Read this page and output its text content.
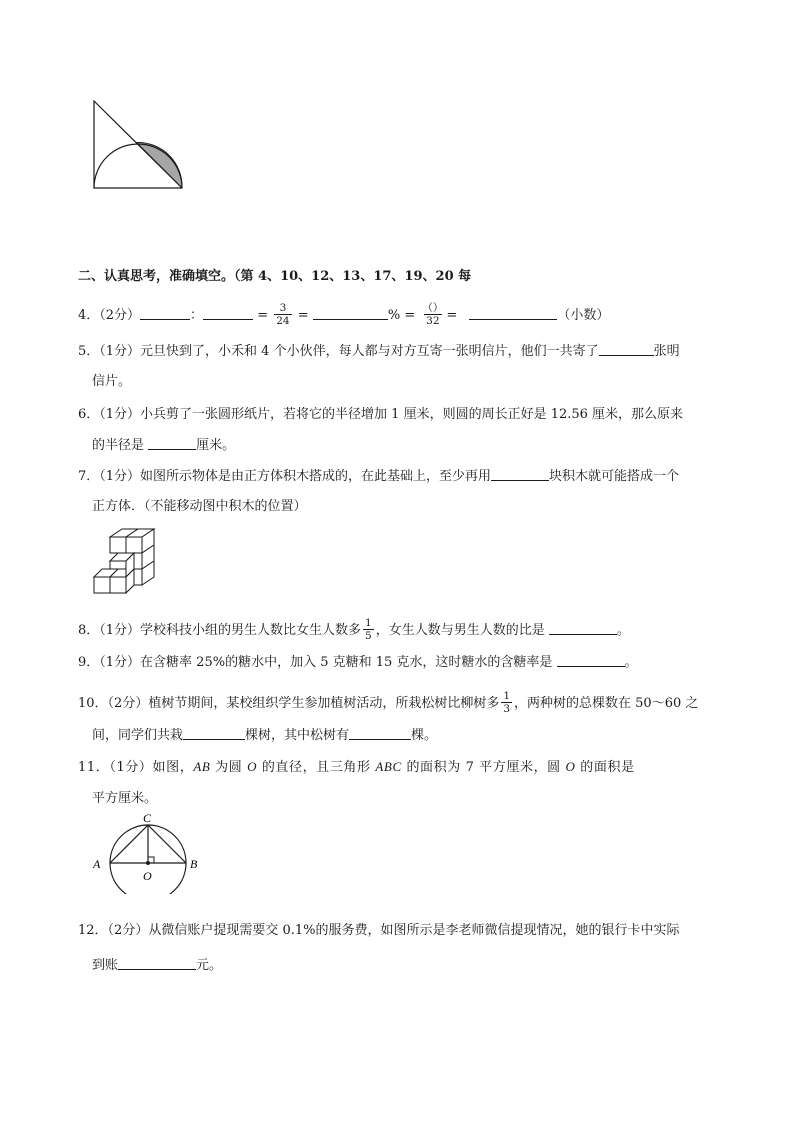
二、认真思考，准确填空。（第 4、10、12、13、17、19、20 每
4．（2分）	：	= $\frac{3}{24}$ =	% = $\frac{()}{32}$ =	（小数）
5．（1分）元旦快到了，小禾和 4 个小伙伴，每人都与对方互寄一张明信片，他们一共寄了	张明
信片。
6．（1分）小兵剪了一张圆形纸片，若将它的半径增加 1 厘米，则圆的周长正好是 12.56 厘米，那么原来
的半径是	厘米。
7．（1分）如图所示物体是由正方体积木搭成的，在此基础上，至少再用	块积木就可能搭成一个
正方体．（不能移动图中积木的位置）
8．（1分）学校科技小组的男生人数比女生人数多 $\frac{1}{5}$ ，女生人数与男生人数的比是	。
9．（1分）在含糖率 25%的糖水中，加入 5 克糖和 15 克水，这时糖水的含糖率是	。
10．（2分）植树节期间，某校组织学生参加植树活动，所栽松树比柳树多 $\frac{1}{3}$ ，两种树的总棵数在 50～60 之
间，同学们共栽	棵树，其中松树有	棵。
11．（1分）如图，AB 为圆 O 的直径，且三角形 ABC 的面积为 7 平方厘米，圆 O 的面积是
平方厘米。
C
A	B
O
12．（2分）从微信账户提现需要交 0.1%的服务费，如图所示是李老师微信提现情况，她的银行卡中实际
到账	元。
